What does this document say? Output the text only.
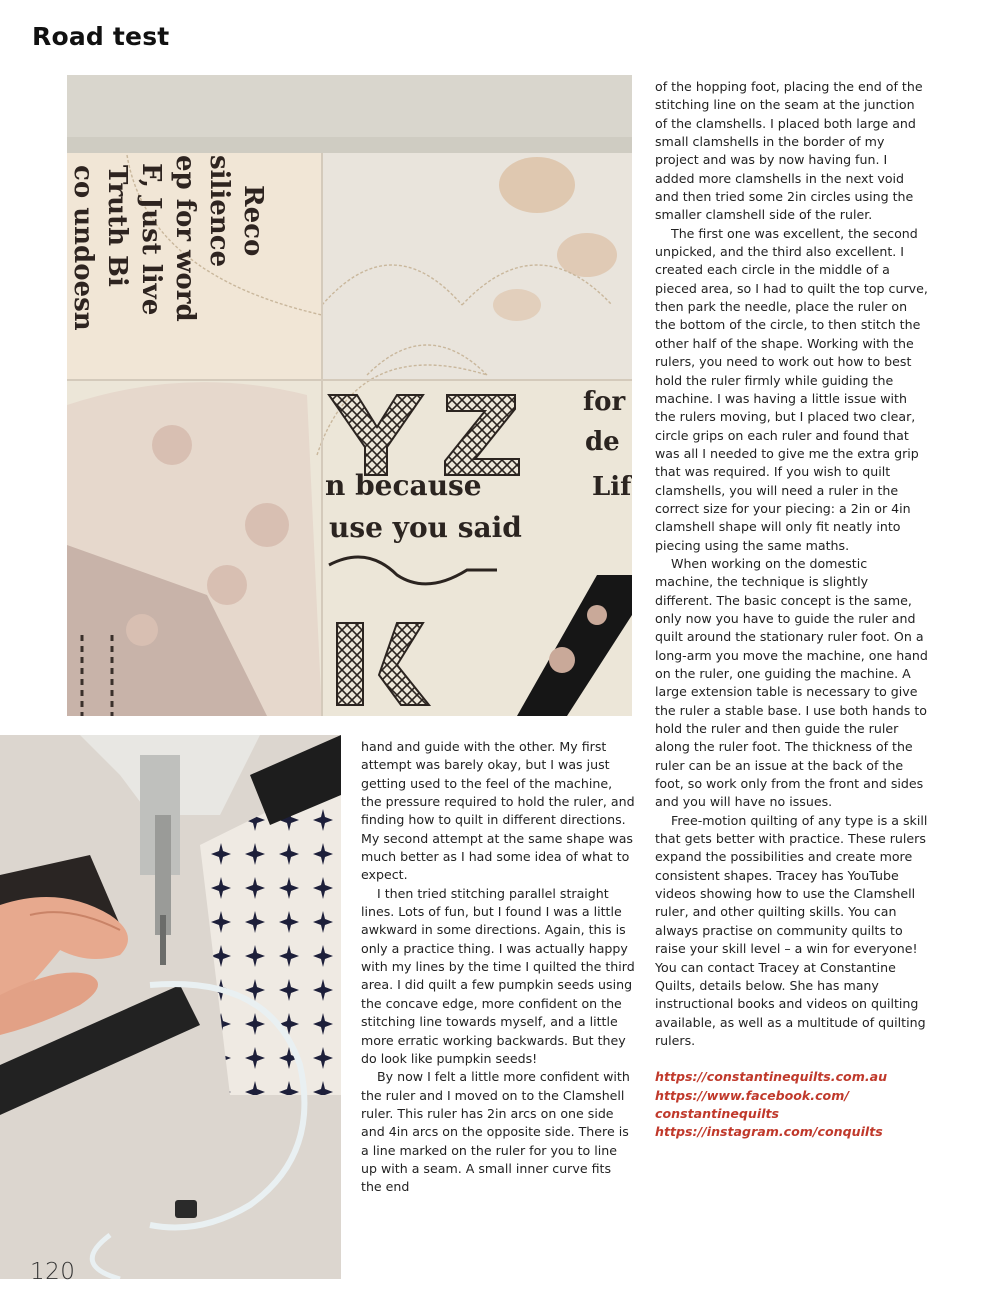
Road test
co undoesn Truth Bi F, Just live ep for word silience Reco
for
de
n because	Lif
use you said

hand and guide with the other. My first attempt was barely okay, but I was just getting used to the feel of the machine, the pressure required to hold the ruler, and finding how to quilt in different directions. My second attempt at the same shape was much better as I had some idea of what to expect.

I then tried stitching parallel straight lines. Lots of fun, but I found I was a little awkward in some directions. Again, this is only a practice thing. I was actually happy with my lines by the time I quilted the third area. I did quilt a few pumpkin seeds using the concave edge, more confident on the stitching line towards myself, and a little more erratic working backwards. But they do look like pumpkin seeds!

By now I felt a little more confident with the ruler and I moved on to the Clamshell ruler. This ruler has 2in arcs on one side and 4in arcs on the opposite side. There is a line marked on the ruler for you to line up with a seam. A small inner curve fits the end

of the hopping foot, placing the end of the stitching line on the seam at the junction of the clamshells. I placed both large and small clamshells in the border of my project and was by now having fun. I added more clamshells in the next void and then tried some 2in circles using the smaller clamshell side of the ruler.

The first one was excellent, the second unpicked, and the third also excellent. I created each circle in the middle of a pieced area, so I had to quilt the top curve, then park the needle, place the ruler on the bottom of the circle, to then stitch the other half of the shape. Working with the rulers, you need to work out how to best hold the ruler firmly while guiding the machine. I was having a little issue with the rulers moving, but I placed two clear, circle grips on each ruler and found that was all I needed to give me the extra grip that was required. If you wish to quilt clamshells, you will need a ruler in the correct size for your piecing: a 2in or 4in clamshell shape will only fit neatly into piecing using the same maths.

When working on the domestic machine, the technique is slightly different. The basic concept is the same, only now you have to guide the ruler and quilt around the stationary ruler foot. On a long-arm you move the machine, one hand on the ruler, one guiding the machine. A large extension table is necessary to give the ruler a stable base. I use both hands to hold the ruler and then guide the ruler along the ruler foot. The thickness of the ruler can be an issue at the back of the foot, so work only from the front and sides and you will have no issues.

Free-motion quilting of any type is a skill that gets better with practice. These rulers expand the possibilities and create more consistent shapes. Tracey has YouTube videos showing how to use the Clamshell ruler, and other quilting skills. You can always practise on community quilts to raise your skill level – a win for everyone! You can contact Tracey at Constantine Quilts, details below. She has many instructional books and videos on quilting available, as well as a multitude of quilting rulers.

https://constantinequilts.com.au
https://www.facebook.com/
constantinequilts
https://instagram.com/conquilts
120
